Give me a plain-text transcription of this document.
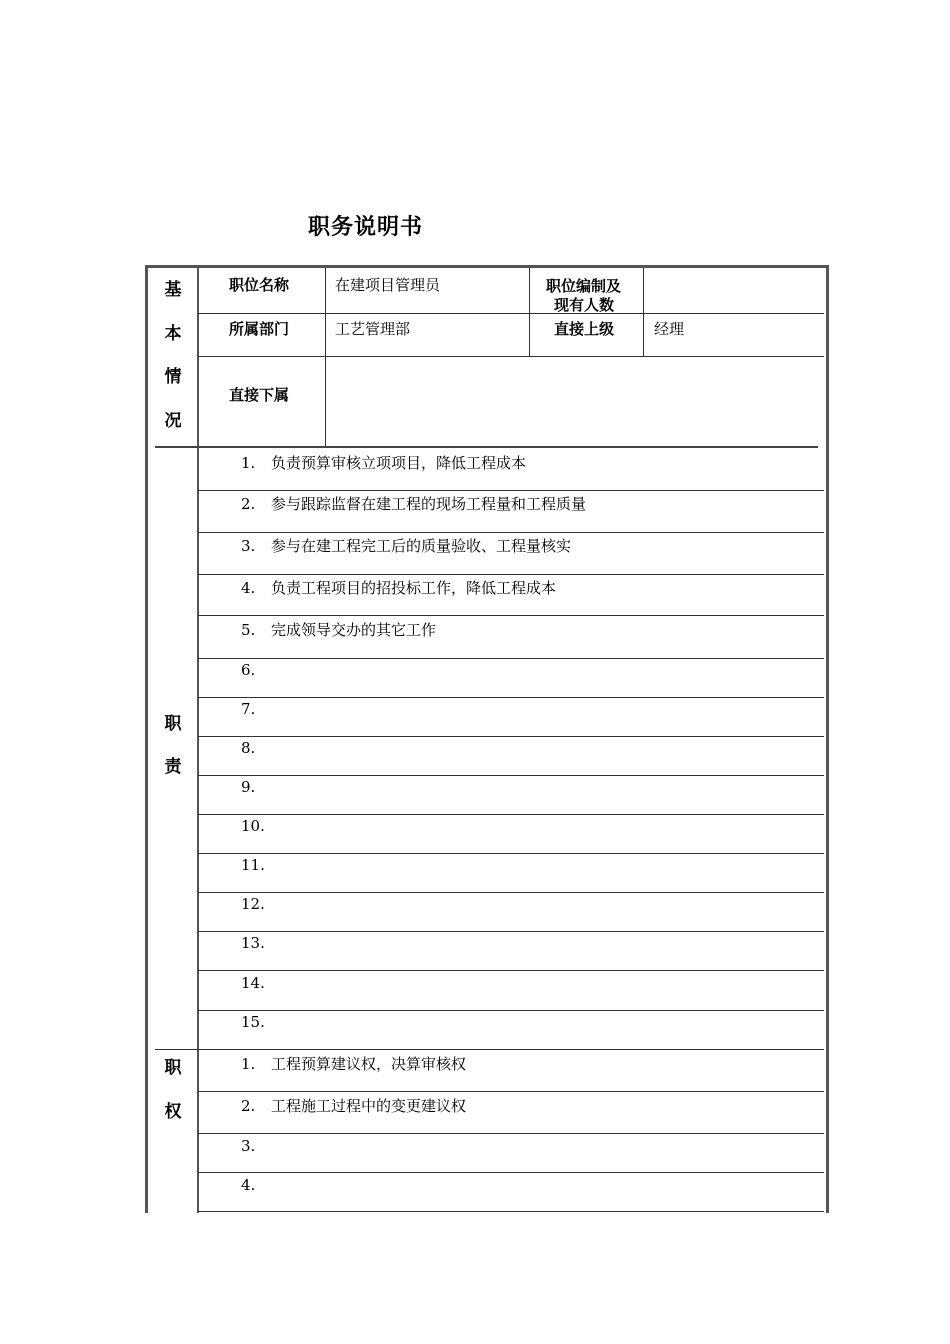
职务说明书
基
本
情
况
职位名称	在建项目管理员	职位编制及
现有人数
所属部门	工艺管理部	直接上级	经理
直接下属
职
责
1. 负责预算审核立项项目，降低工程成本
2. 参与跟踪监督在建工程的现场工程量和工程质量
3. 参与在建工程完工后的质量验收、工程量核实
4. 负责工程项目的招投标工作，降低工程成本
5. 完成领导交办的其它工作
6.
7.
8.
9.
10.
11.
12.
13.
14.
15.
职
权
1. 工程预算建议权，决算审核权
2. 工程施工过程中的变更建议权
3.
4.
